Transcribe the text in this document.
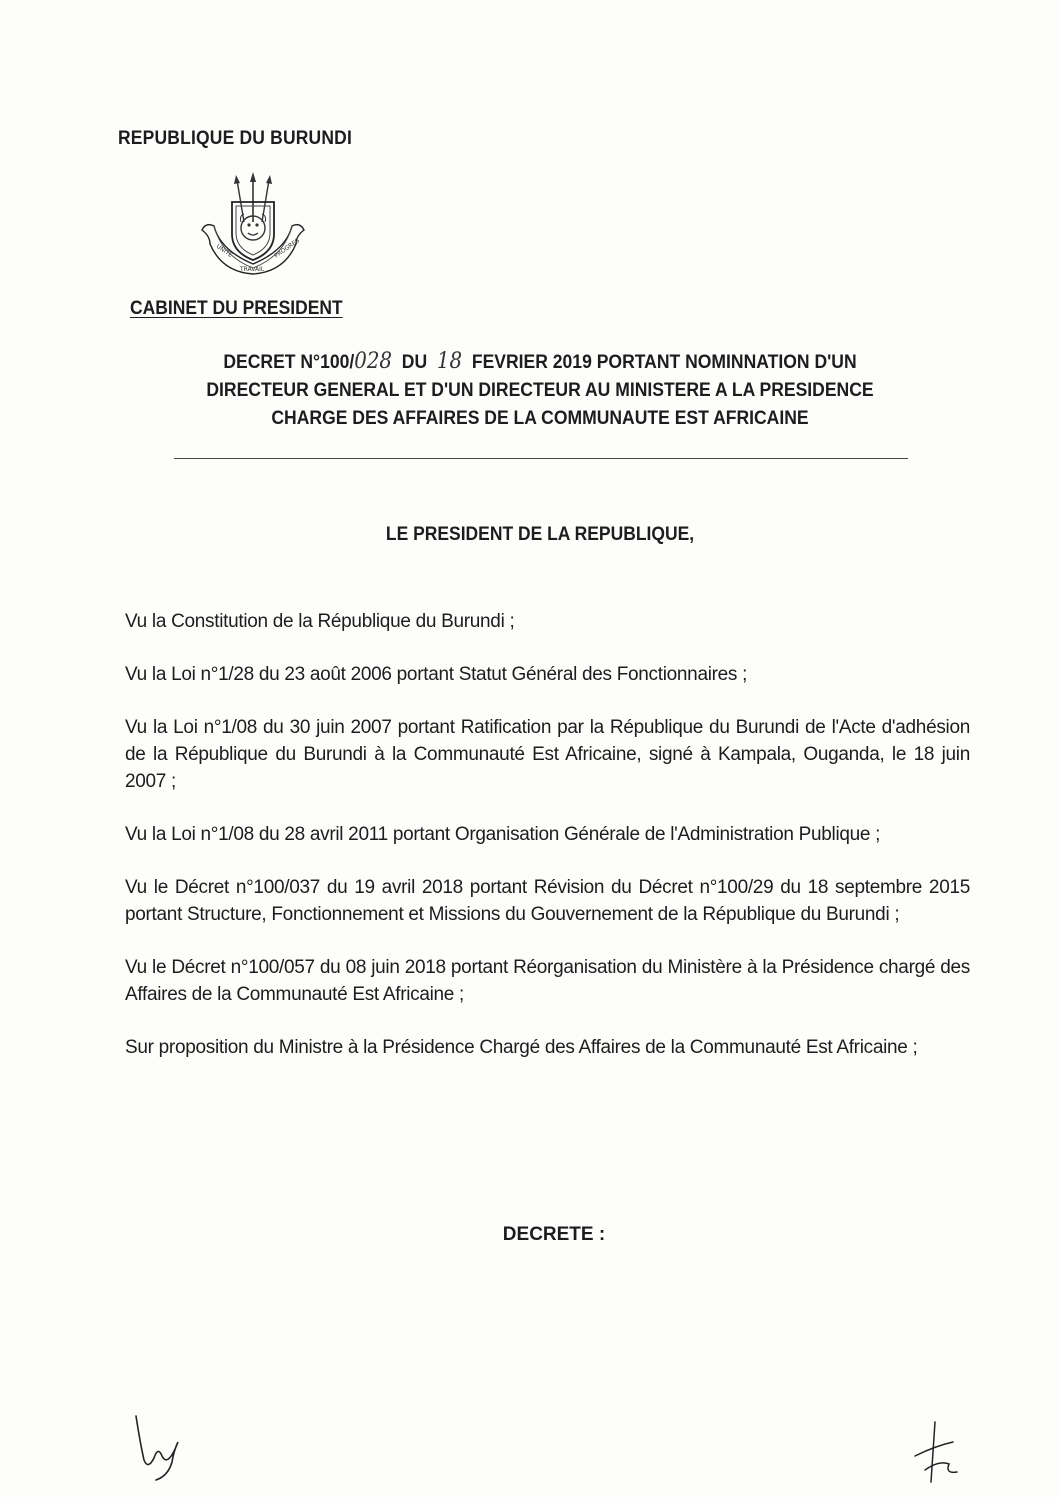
REPUBLIQUE DU BURUNDI
UNITE
TRAVAIL
PROGRES
CABINET DU PRESIDENT
DECRET N°100/028 DU 18 FEVRIER 2019 PORTANT NOMINNATION D'UN
DIRECTEUR GENERAL ET D'UN DIRECTEUR AU MINISTERE A LA PRESIDENCE
CHARGE DES AFFAIRES DE LA COMMUNAUTE EST AFRICAINE
LE PRESIDENT DE LA REPUBLIQUE,

Vu la Constitution de la République du Burundi ;

Vu la Loi n°1/28 du 23 août 2006 portant Statut Général des Fonctionnaires ;

Vu la Loi n°1/08 du 30 juin 2007 portant Ratification par la République du Burundi de l'Acte d'adhésion de la République du Burundi à la Communauté Est Africaine, signé à Kampala, Ouganda, le 18 juin 2007 ;

Vu la Loi n°1/08 du 28 avril 2011 portant Organisation Générale de l'Administration Publique ;

Vu le Décret n°100/037 du 19 avril 2018 portant Révision du Décret n°100/29 du 18 septembre 2015 portant Structure, Fonctionnement et Missions du Gouvernement de la République du Burundi ;

Vu le Décret n°100/057 du 08 juin 2018 portant Réorganisation du Ministère à la Présidence chargé des Affaires de la Communauté Est Africaine ;

Sur proposition du Ministre à la Présidence Chargé des Affaires de la Communauté Est Africaine ;

DECRETE :
